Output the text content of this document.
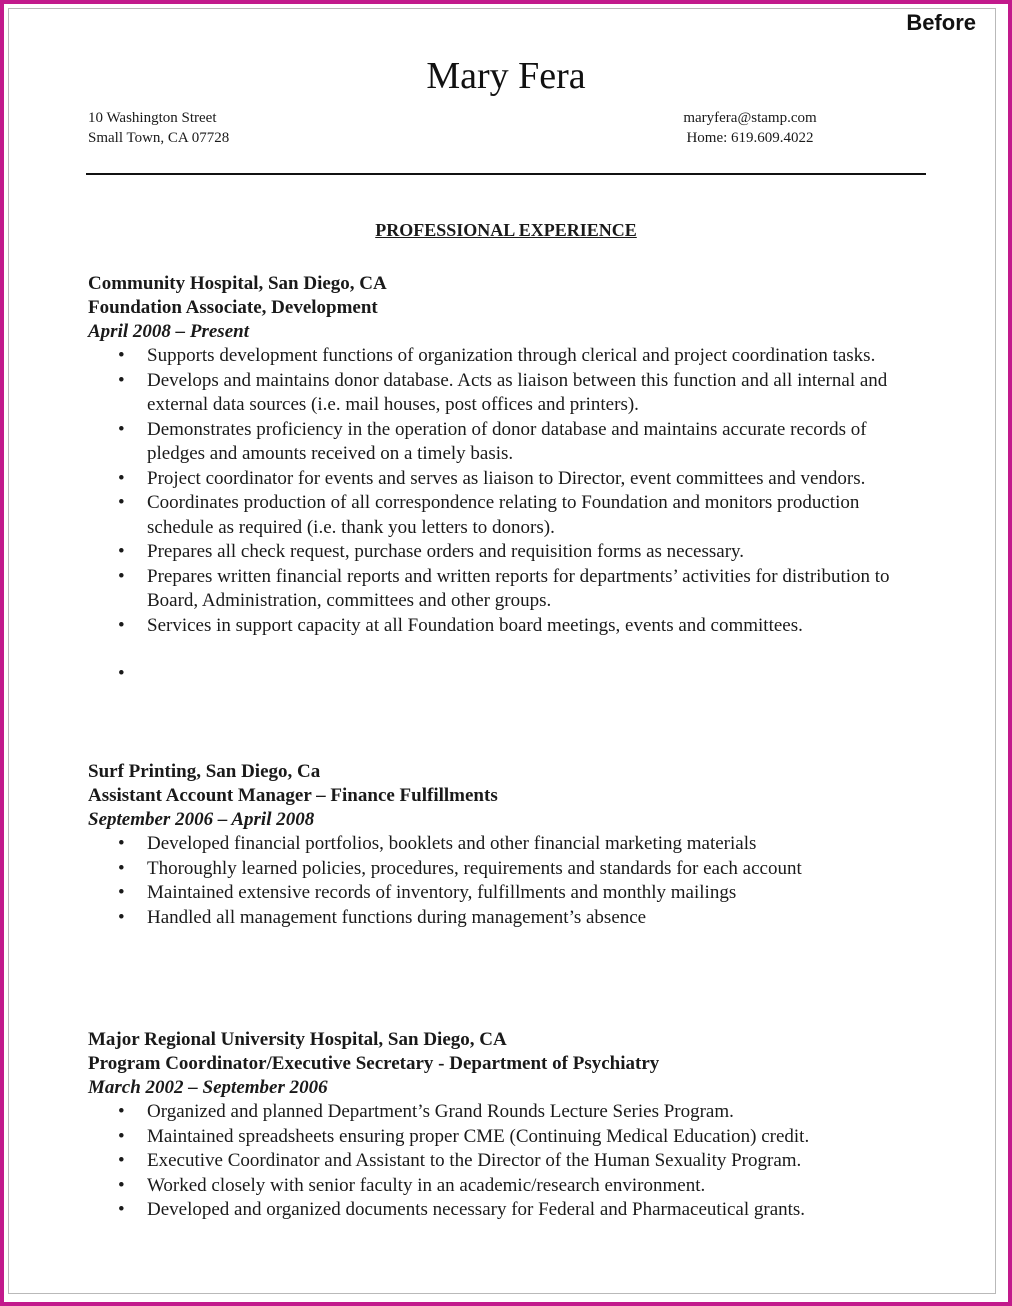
Before
Mary Fera
10 Washington Street
Small Town, CA 07728
maryfera@stamp.com
Home: 619.609.4022
PROFESSIONAL EXPERIENCE
Community Hospital, San Diego, CA
Foundation Associate, Development
April 2008 – Present
• Supports development functions of organization through clerical and project coordination tasks.
• Develops and maintains donor database. Acts as liaison between this function and all internal and external data sources (i.e. mail houses, post offices and printers).
• Demonstrates proficiency in the operation of donor database and maintains accurate records of pledges and amounts received on a timely basis.
• Project coordinator for events and serves as liaison to Director, event committees and vendors.
• Coordinates production of all correspondence relating to Foundation and monitors production schedule as required (i.e. thank you letters to donors).
• Prepares all check request, purchase orders and requisition forms as necessary.
• Prepares written financial reports and written reports for departments’ activities for distribution to Board, Administration, committees and other groups.
• Services in support capacity at all Foundation board meetings, events and committees.
•
Surf Printing, San Diego, Ca
Assistant Account Manager – Finance Fulfillments
September 2006 – April 2008
• Developed financial portfolios, booklets and other financial marketing materials
• Thoroughly learned policies, procedures, requirements and standards for each account
• Maintained extensive records of inventory, fulfillments and monthly mailings
• Handled all management functions during management’s absence
Major Regional University Hospital, San Diego, CA
Program Coordinator/Executive Secretary - Department of Psychiatry
March 2002 – September 2006
• Organized and planned Department’s Grand Rounds Lecture Series Program.
• Maintained spreadsheets ensuring proper CME (Continuing Medical Education) credit.
• Executive Coordinator and Assistant to the Director of the Human Sexuality Program.
• Worked closely with senior faculty in an academic/research environment.
• Developed and organized documents necessary for Federal and Pharmaceutical grants.
